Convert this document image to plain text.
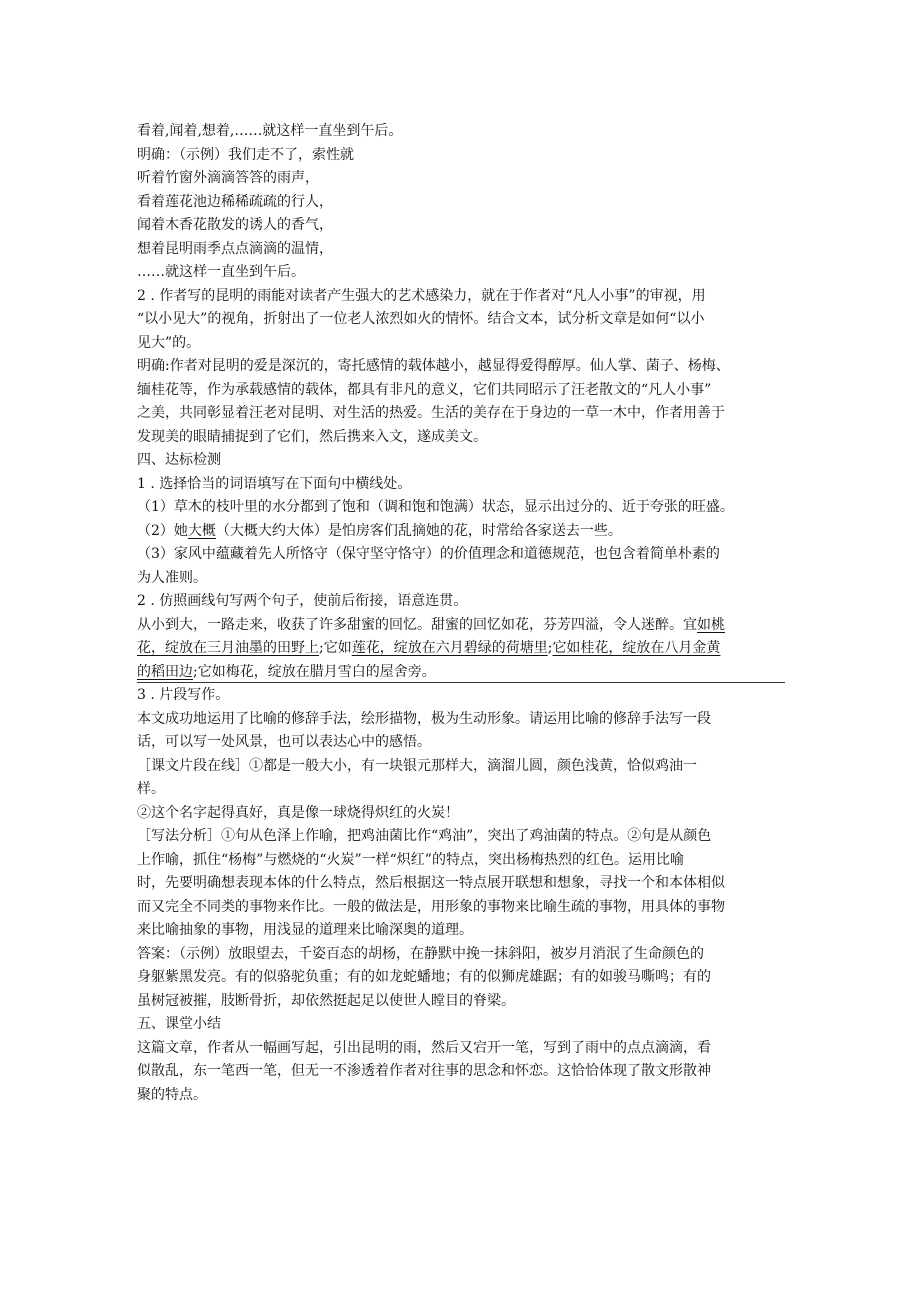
看着,闻着,想着,……就这样一直坐到午后。
明确：（示例）我们走不了，索性就
听着竹窗外滴滴答答的雨声，
看着莲花池边稀稀疏疏的行人，
闻着木香花散发的诱人的香气，
想着昆明雨季点点滴滴的温情，
……就这样一直坐到午后。
2 . 作者写的昆明的雨能对读者产生强大的艺术感染力，就在于作者对“凡人小事”的审视，用
“以小见大”的视角，折射出了一位老人浓烈如火的情怀。结合文本，试分析文章是如何“以小
见大”的。
明确:作者对昆明的爱是深沉的，寄托感情的载体越小，越显得爱得醇厚。仙人掌、菌子、杨梅、
缅桂花等，作为承载感情的载体，都具有非凡的意义，它们共同昭示了汪老散文的“凡人小事”
之美，共同彰显着汪老对昆明、对生活的热爱。生活的美存在于身边的一草一木中，作者用善于
发现美的眼睛捕捉到了它们，然后携来入文，遂成美文。
四、达标检测
1 . 选择恰当的词语填写在下面句中横线处。
（1）草木的枝叶里的水分都到了饱和（调和饱和饱满）状态，显示出过分的、近于夸张的旺盛。
（2）她大概（大概大约大体）是怕房客们乱摘她的花，时常给各家送去一些。
（3）家风中蕴藏着先人所恪守（保守坚守恪守）的价值理念和道德规范，也包含着简单朴素的
为人准则。
2 . 仿照画线句写两个句子，使前后衔接，语意连贯。
从小到大，一路走来，收获了许多甜蜜的回忆。甜蜜的回忆如花，芬芳四溢，令人迷醉。宜如桃
花，绽放在三月油墨的田野上;它如莲花，绽放在六月碧绿的荷塘里;它如桂花，绽放在八月金黄
的稻田边;它如梅花，绽放在腊月雪白的屋舍旁。
3 . 片段写作。
本文成功地运用了比喻的修辞手法，绘形描物，极为生动形象。请运用比喻的修辞手法写一段
话，可以写一处风景，也可以表达心中的感悟。
［课文片段在线］①都是一般大小，有一块银元那样大，滴溜儿圆，颜色浅黄，恰似鸡油一
样。
②这个名字起得真好，真是像一球烧得炽红的火炭！
［写法分析］①句从色泽上作喻，把鸡油菌比作“鸡油”，突出了鸡油菌的特点。②句是从颜色
上作喻，抓住“杨梅”与燃烧的“火炭”一样“炽红”的特点，突出杨梅热烈的红色。运用比喻
时，先要明确想表现本体的什么特点，然后根据这一特点展开联想和想象，寻找一个和本体相似
而又完全不同类的事物来作比。一般的做法是，用形象的事物来比喻生疏的事物，用具体的事物
来比喻抽象的事物，用浅显的道理来比喻深奥的道理。
答案：（示例）放眼望去，千姿百态的胡杨，在静默中挽一抹斜阳，被岁月消泯了生命颜色的
身躯紫黑发亮。有的似骆驼负重；有的如龙蛇蟠地；有的似狮虎雄踞；有的如骏马嘶鸣；有的
虽树冠被摧，肢断骨折，却依然挺起足以使世人瞠目的脊梁。
五、课堂小结
这篇文章，作者从一幅画写起，引出昆明的雨，然后又宕开一笔，写到了雨中的点点滴滴，看
似散乱，东一笔西一笔，但无一不渗透着作者对往事的思念和怀恋。这恰恰体现了散文形散神
聚的特点。
